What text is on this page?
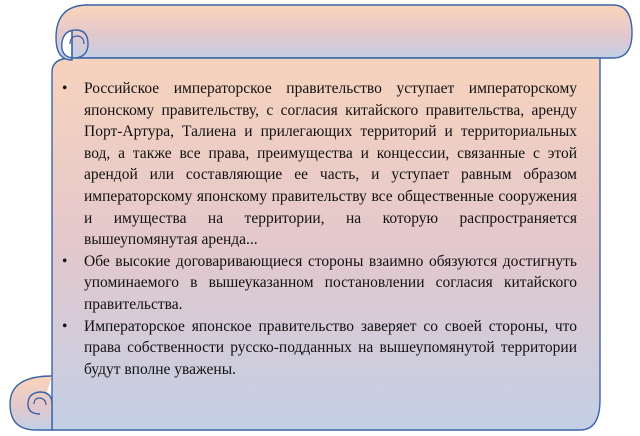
• Российское императорское правительство уступает императорскому японскому правительству, с согласия китайского правительства, аренду Порт-Артура, Талиена и прилегающих территорий и территориальных вод, а также все права, преимущества и концессии, связанные с этой арендой или составляющие ее часть, и уступает равным образом императорскому японскому правительству все общественные сооружения и имущества на территории, на которую распространяется вышеупомянутая аренда...
• Обе высокие договаривающиеся стороны взаимно обязуются достигнуть упоминаемого в вышеуказанном постановлении согласия китайского правительства.
• Императорское японское правительство заверяет со своей стороны, что права собственности русско-подданных на вышеупомянутой территории будут вполне уважены.
